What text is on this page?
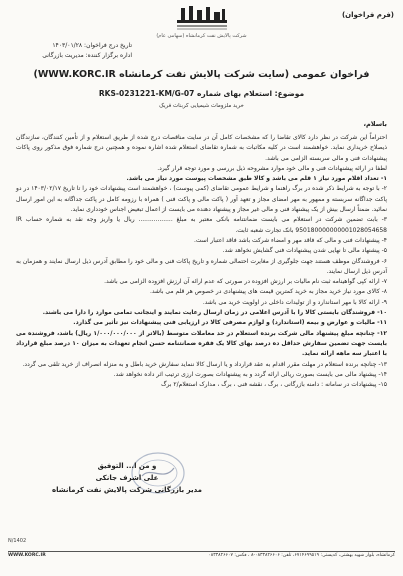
(فرم فراخوان)
شرکت پالایش نفت کرمانشاه (سهامی عام)
تاریخ درج فراخوان: ۱۴۰۳/۰۱/۲۸
اداره برگزار کننده: مدیریت بازرگانی
فراخوان عمومی (سایت شرکت پالایش نفت کرمانشاه WWW.KORC.IR)
موضوع: استعلام بهای شماره RKS-0231221-KM/G-07
خرید ملزومات شیمیایی کربنات فریک
باسلام،

احتراماً این شرکت در نظر دارد کالای تقاضا را که مشخصات کامل آن در سایت مناقصات درج شده از طریق استعلام و از تأمین کنندگان، سازندگان ذیصلاح خریداری نماید. خواهشمند است در کلیه مکاتبات به شماره تقاضای استعلام شده اشاره نموده و همچنین درج شماره فوق مذکور روی پاکات پیشنهادات فنی و مالی سربسته الزامی می باشد.

لطفا در ارائه پیشنهادات فنی و مالی خود موارد مشروحه ذیل بررسی و مورد توجه قرار گیرد.

۱- تعداد اقلام مورد نیاز ۱ قلم می باشد و کالا طبق مشخصات پیوست مورد نیاز می باشد.

۲- با توجه به شرایط ذکر شده در برگ راهنما و شرایط عمومی تقاضای (کمی پیوست) ، خواهشمند است پیشنهادات خود را تا تاریخ ۱۴۰۳/۰۲/۱۷ در دو پاکت جداگانه سربسته و ممهور به مهر امضای مجاز و تعهد آور ( پاکت مالی و پاکت فنی ) همراه با رزومه کامل در پاکت جداگانه به این امور ارسال نمائید. ضمناً ارسال بیش از یک پیشنهاد فنی و مالی غیر مجاز و پیشنهاد دهنده می بایست از اعمال تبعیض اجناس خودداری نماید.

۳- بابت تضمین شرکت در استعلام می بایست ضمانتنامه بانکی معتبر به مبلغ .................. ریال یا واریز وجه نقد به شماره حساب IR 950180000000001028054658 بانک تجارت شعبه ثابت.

۴- پیشنهادات فنی و مالی که فاقد مهر و امضاء شرکت باشد فاقد اعتبار است.

۵- پیشنهاد مالی تا نهایی شدن پیشنهادات فنی گشایش نخواهد شد.

۶- فروشندگان موظف هستند جهت جلوگیری از مغایرت احتمالی شماره و تاریخ پاکات فنی و مالی خود را مطابق آدرس ذیل ارسال نمایند و همزمان به آدرس ذیل ارسال نمایند.

۷- ارائه کپی گواهینامه ثبت نام مالیات بر ارزش افزوده در صورتی که عدم ارائه آن ارزش افزوده الزامی می باشد.

۸- کالای مورد نیاز خرید مجاز به خرید کمترین قیمت های پیشنهادی در خصوص هر قلم می باشد.

۹- ارائه کالا با مهر استاندارد و از تولیدات داخلی در اولویت خرید می باشد.

۱۰- فروشندگان بایستی کالا را با آدرس اعلامی در زمان ارسال رعایت نمایند و اینجانب تمامی موارد را دارا می باشند.

۱۱- مالیات و عوارض و بیمه (استاندارد) و لوازم مصرفی کالا در ارزیابی فنی پیشنهادات نیز تأثیر می گذارد.

۱۲- چنانچه مبلغ پیشنهاد مالی شرکت برنده استعلام در حد معاملات متوسط (بالاتر از ۱/۰۰۰/۰۰۰/۰۰۰ ریال) باشد، فروشنده می بایست جهت تضمین سفارش حداقل ده درصد بهای کالا یک فقره ضمانتنامه حسن انجام تعهدات به میزان ۱۰ درصد مبلغ قرارداد با اعتبار سه ماهه ارائه نماید.

۱۳- چنانچه برنده استعلام در مهلت مقرر اقدام به عقد قرارداد و یا ارسال کالا ننماید سفارش خرید باطل و به منزله انصراف از خرید تلقی می گردد.

۱۴- پیشنهاد مالی می بایست بصورت ریالی ارائه گردد و به پیشنهادات بصورت ارزی ترتیب اثر داده نخواهد شد.

۱۵- پیشنهادات در سامانه : دامنه بازرگانی ، برگ ، نقشه فنی ، برگ ، مدارک استعلام/۲ برگ

و من ا... التوفیق
علی اشرف جانکی
مدیر بازرگانی شرکت پالایش نفت کرمانشاه
N/1402
کرمانشاه، بلوار شهید بهشتی، کدپستی: ۶۷۱۴۶۹۹۵۱۹، تلفن: ۰۸۳۳۸۲۶۶۰۶-۸ ، فکس: ۰۸۳۳۸۲۶۶۰۷
WWW.KORC.IR
